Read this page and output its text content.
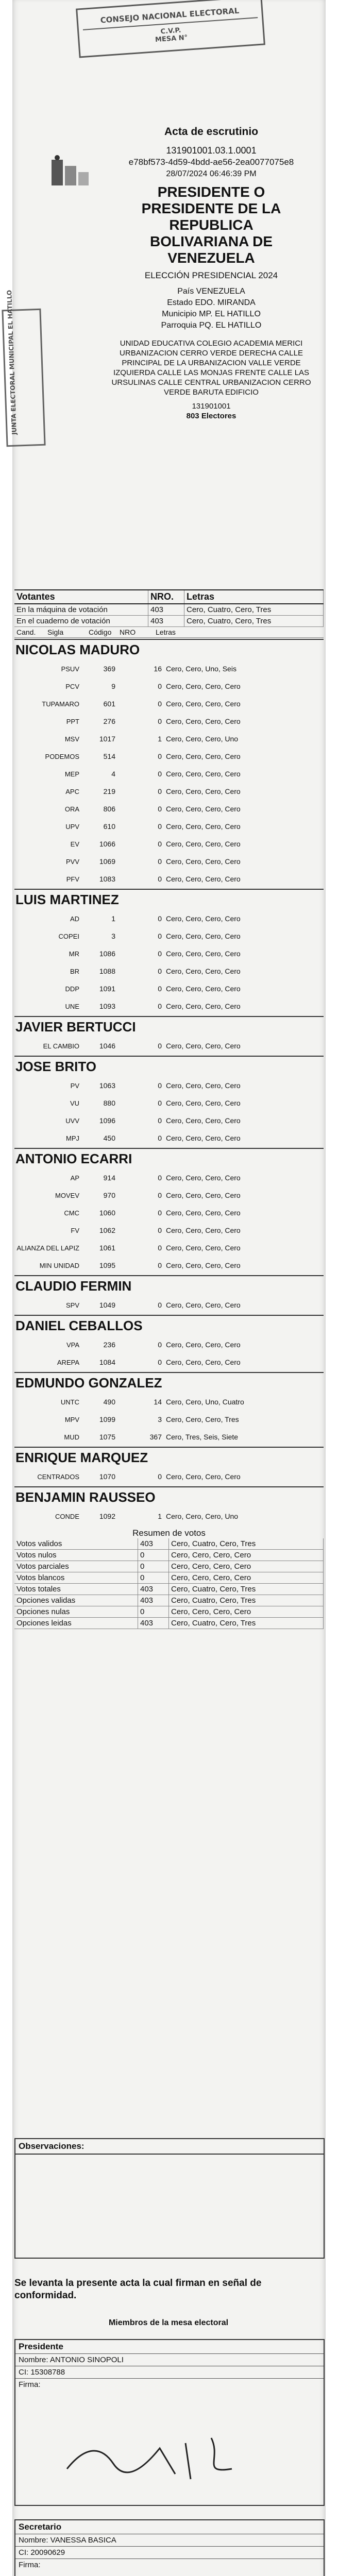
CONSEJO NACIONAL ELECTORAL
C.V.P.
MESA N°
JUNTA ELECTORAL MUNICIPAL EL HATILLO
Acta de escrutinio
131901001.03.1.0001
e78bf573-4d59-4bdd-ae56-2ea0077075e8
28/07/2024 06:46:39 PM
PRESIDENTE O
PRESIDENTE DE LA
REPUBLICA
BOLIVARIANA DE
VENEZUELA
ELECCIÓN PRESIDENCIAL 2024
País VENEZUELA
Estado EDO. MIRANDA
Municipio MP. EL HATILLO
Parroquia PQ. EL HATILLO
UNIDAD EDUCATIVA COLEGIO ACADEMIA MERICI
URBANIZACION CERRO VERDE DERECHA CALLE PRINCIPAL DE LA URBANIZACION VALLE VERDE IZQUIERDA CALLE LAS MONJAS FRENTE CALLE LAS URSULINAS CALLE CENTRAL URBANIZACION CERRO VERDE BARUTA EDIFICIO
131901001
803 Electores
Votantes	NRO.	Letras
En la máquina de votación	403	Cero, Cuatro, Cero, Tres
En el cuaderno de votación	403	Cero, Cuatro, Cero, Tres
Cand.	Sigla	Código	NRO	Letras
NICOLAS MADURO
PSUV	369	16 Cero, Cero, Uno, Seis
PCV	9	0 Cero, Cero, Cero, Cero
TUPAMARO	601	0 Cero, Cero, Cero, Cero
PPT	276	0 Cero, Cero, Cero, Cero
MSV	1017	1 Cero, Cero, Cero, Uno
PODEMOS	514	0 Cero, Cero, Cero, Cero
MEP	4	0 Cero, Cero, Cero, Cero
APC	219	0 Cero, Cero, Cero, Cero
ORA	806	0 Cero, Cero, Cero, Cero
UPV	610	0 Cero, Cero, Cero, Cero
EV	1066	0 Cero, Cero, Cero, Cero
PVV	1069	0 Cero, Cero, Cero, Cero
PFV	1083	0 Cero, Cero, Cero, Cero
LUIS MARTINEZ
AD	1	0 Cero, Cero, Cero, Cero
COPEI	3	0 Cero, Cero, Cero, Cero
MR	1086	0 Cero, Cero, Cero, Cero
BR	1088	0 Cero, Cero, Cero, Cero
DDP	1091	0 Cero, Cero, Cero, Cero
UNE	1093	0 Cero, Cero, Cero, Cero
JAVIER BERTUCCI
EL CAMBIO	1046	0 Cero, Cero, Cero, Cero
JOSE BRITO
PV	1063	0 Cero, Cero, Cero, Cero
VU	880	0 Cero, Cero, Cero, Cero
UVV	1096	0 Cero, Cero, Cero, Cero
MPJ	450	0 Cero, Cero, Cero, Cero
ANTONIO ECARRI
AP	914	0 Cero, Cero, Cero, Cero
MOVEV	970	0 Cero, Cero, Cero, Cero
CMC	1060	0 Cero, Cero, Cero, Cero
FV	1062	0 Cero, Cero, Cero, Cero
ALIANZA DEL LAPIZ	1061	0 Cero, Cero, Cero, Cero
MIN UNIDAD	1095	0 Cero, Cero, Cero, Cero
CLAUDIO FERMIN
SPV	1049	0 Cero, Cero, Cero, Cero
DANIEL CEBALLOS
VPA	236	0 Cero, Cero, Cero, Cero
AREPA	1084	0 Cero, Cero, Cero, Cero
EDMUNDO GONZALEZ
UNTC	490	14 Cero, Cero, Uno, Cuatro
MPV	1099	3 Cero, Cero, Cero, Tres
MUD	1075	367 Cero, Tres, Seis, Siete
ENRIQUE MARQUEZ
CENTRADOS	1070	0 Cero, Cero, Cero, Cero
BENJAMIN RAUSSEO
CONDE	1092	1 Cero, Cero, Cero, Uno
Resumen de votos
Votos validos	403	Cero, Cuatro, Cero, Tres
Votos nulos	0	Cero, Cero, Cero, Cero
Votos parciales	0	Cero, Cero, Cero, Cero
Votos blancos	0	Cero, Cero, Cero, Cero
Votos totales	403	Cero, Cuatro, Cero, Tres
Opciones validas	403	Cero, Cuatro, Cero, Tres
Opciones nulas	0	Cero, Cero, Cero, Cero
Opciones leidas	403	Cero, Cuatro, Cero, Tres
Observaciones:
Se levanta la presente acta la cual firman en señal de conformidad.
Miembros de la mesa electoral
Presidente
Nombre: ANTONIO SINOPOLI
CI: 15308788
Firma:
Secretario
Nombre: VANESSA BASICA
CI: 20090629
Firma:
